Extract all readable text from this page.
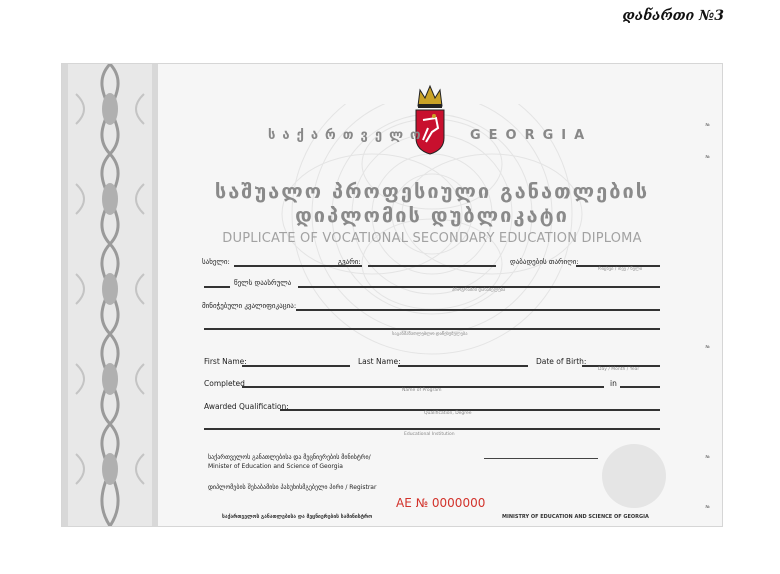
დანართი №3
საქართველო	GEORGIA
საშუალო პროფესიული განათლების
დიპლომის დუბლიკატი
DUPLICATE OF VOCATIONAL SECONDARY EDUCATION DIPLOMA
სახელი:	გვარი:	დაბადების თარიღი:
რიცხვი / თვე / წელი
წელს დაასრულა
პროგრამის დასახელება
მინიჭებული კვალიფიკაცია:
საგანმანათლებლო დაწესებულება
First Name:	Last Name:	Date of Birth:
Day / Month / Year
Completed	in
Name of Program
Awarded Qualification:
Qualification, Degree
Educational Institution
საქართველოს განათლებისა და მეცნიერების მინისტრი/
Minister of Education and Science of Georgia
დიპლომების შესაბამისი პასუხისმგებელი პირი / Registrar
AE № 0000000
საქართველოს განათლებისა და მეცნიერების სამინისტრო	MINISTRY OF EDUCATION AND SCIENCE OF GEORGIA
№
№
№
№
№
